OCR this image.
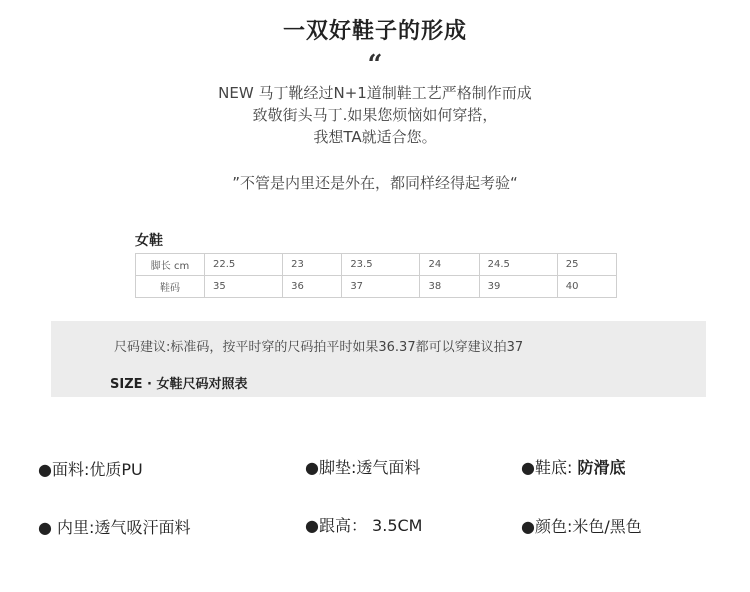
一双好鞋子的形成
“
NEW 马丁靴经过N+1道制鞋工艺严格制作而成
致敬街头马丁.如果您烦恼如何穿搭，
我想TA就适合您。
”不管是内里还是外在，都同样经得起考验“
女鞋
脚长 cm	22.5	23	23.5	24	24.5	25
鞋码	35	36	37	38	39	40
尺码建议:标准码，按平时穿的尺码拍平时如果36.37都可以穿建议拍37
SIZE · 女鞋尺码对照表
●面料:优质PU	●脚垫:透气面料	●鞋底: 防滑底
● 内里:透气吸汗面料	●跟高： 3.5CM	●颜色:米色/黑色
